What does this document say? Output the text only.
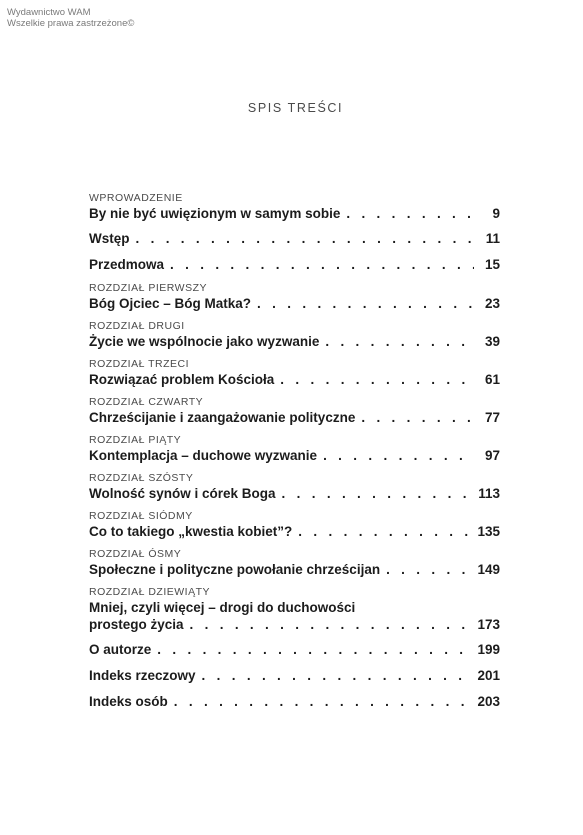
Wydawnictwo WAM
Wszelkie prawa zastrzeżone©
SPIS TREŚCI
WPROWADZENIE
By nie być uwięzionym w samym sobie . . .	9
Wstęp . . .	11
Przedmowa . . .	15
ROZDZIAŁ PIERWSZY
Bóg Ojciec – Bóg Matka? . . .	23
ROZDZIAŁ DRUGI
Życie we wspólnocie jako wyzwanie . . .	39
ROZDZIAŁ TRZECI
Rozwiązać problem Kościoła . . .	61
ROZDZIAŁ CZWARTY
Chrześcijanie i zaangażowanie polityczne . . .	77
ROZDZIAŁ PIĄTY
Kontemplacja – duchowe wyzwanie . . .	97
ROZDZIAŁ SZÓSTY
Wolność synów i córek Boga . . .	113
ROZDZIAŁ SIÓDMY
Co to takiego „kwestia kobiet”? . . .	135
ROZDZIAŁ ÓSMY
Społeczne i polityczne powołanie chrześcijan . . .	149
ROZDZIAŁ DZIEWIĄTY
Mniej, czyli więcej – drogi do duchowości
prostego życia . . .	173
O autorze . . .	199
Indeks rzeczowy . . .	201
Indeks osób . . .	203
